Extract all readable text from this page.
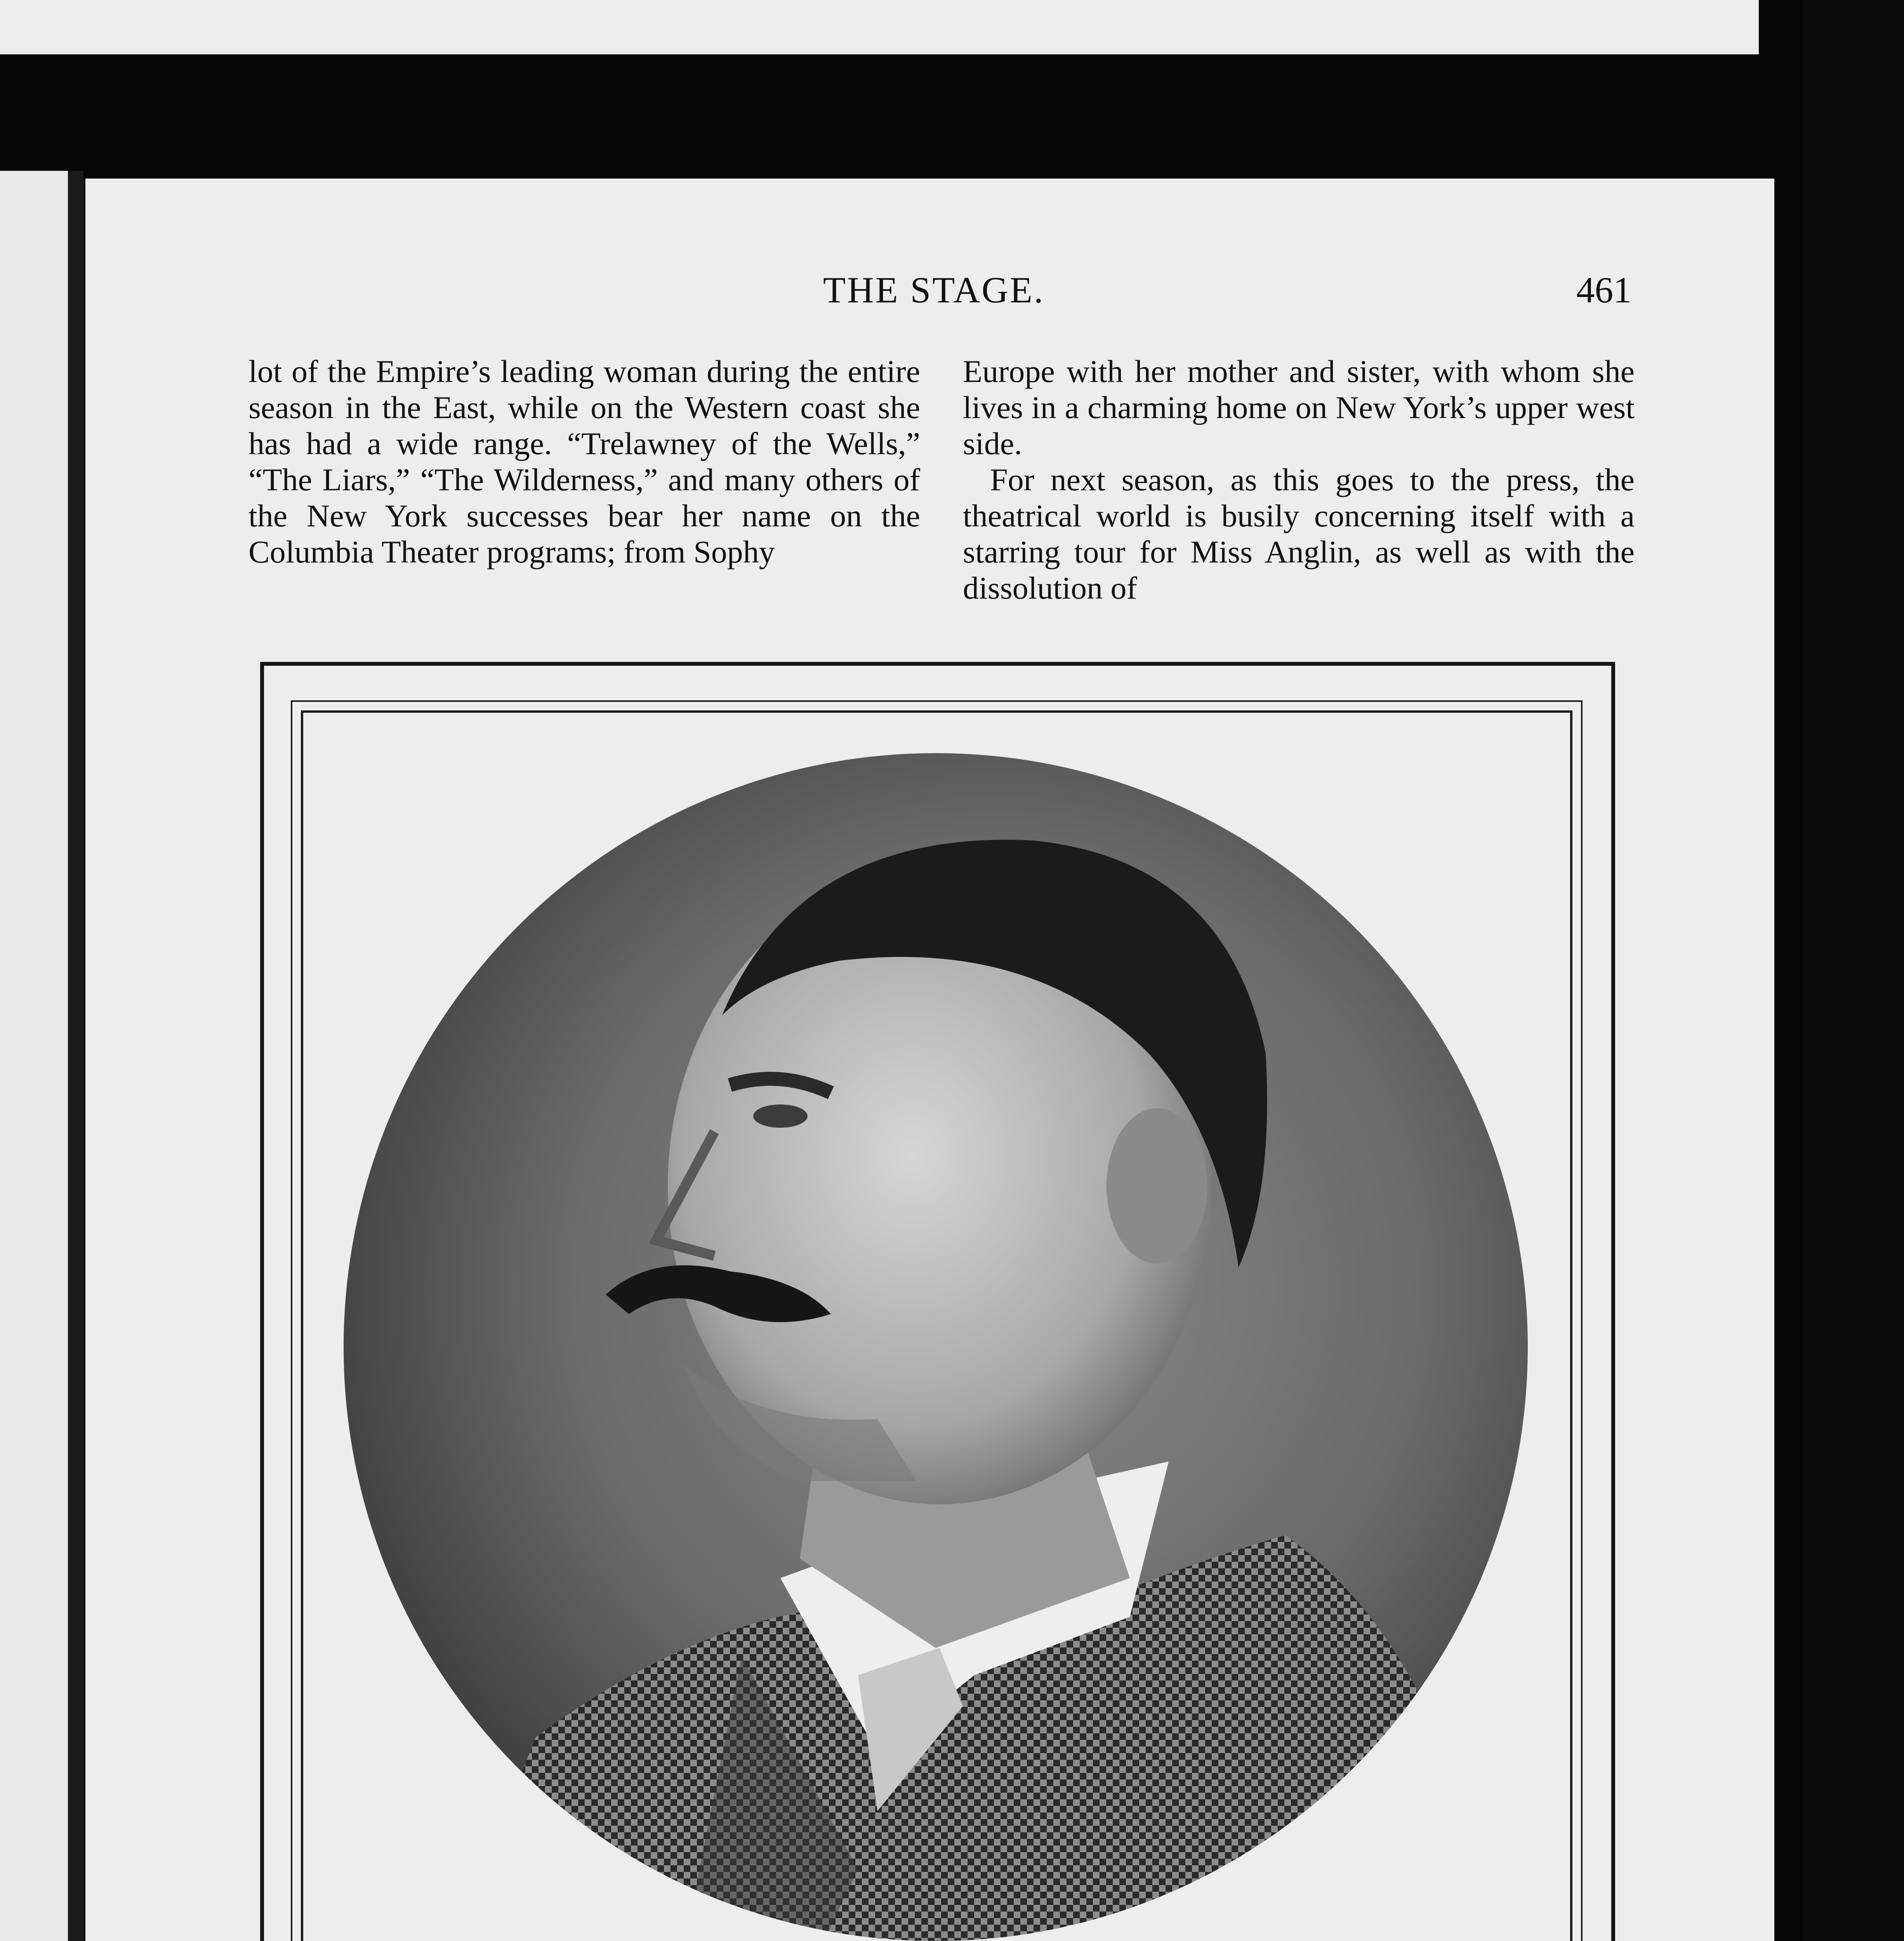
THE STAGE.	461

lot of the Empire’s leading woman during the entire season in the East, while on the Western coast she has had a wide range. “Trelawney of the Wells,” “The Liars,” “The Wilderness,” and many others of the New York successes bear her name on the Columbia Theater programs; from Sophy

Europe with her mother and sister, with whom she lives in a charming home on New York’s upper west side.

For next season, as this goes to the press, the theatrical world is busily concerning itself with a starring tour for Miss Anglin, as well as with the dissolution of
